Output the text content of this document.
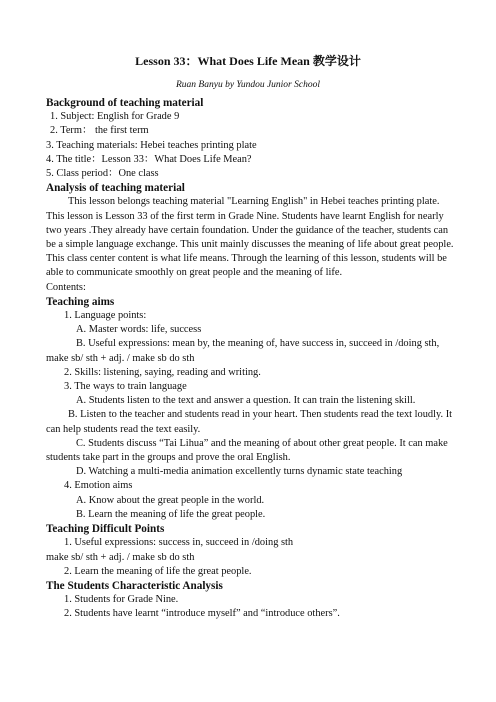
Lesson 33：What Does Life Mean 教学设计
Ruan Banyu by Yundou Junior School

Background of teaching material

1. Subject: English for Grade 9

2. Term： the first term

3. Teaching materials: Hebei teaches printing plate

4. The title：Lesson 33：What Does Life Mean?

5. Class period：One class

Analysis of teaching material

This lesson belongs teaching material "Learning English" in Hebei teaches printing plate. This lesson is Lesson 33 of the first term in Grade Nine. Students have learnt English for nearly two years .They already have certain foundation. Under the guidance of the teacher, students can be a simple language exchange. This unit mainly discusses the meaning of life about great people. This class center content is what life means. Through the learning of this lesson, students will be able to communicate smoothly on great people and the meaning of life.

Contents:

Teaching aims

1. Language points:

A. Master words: life, success

B. Useful expressions: mean by, the meaning of, have success in, succeed in /doing sth, make sb/ sth + adj. / make sb do sth

2. Skills: listening, saying, reading and writing.

3. The ways to train language

A. Students listen to the text and answer a question. It can train the listening skill.

B. Listen to the teacher and students read in your heart. Then students read the text loudly. It can help students read the text easily.

C. Students discuss “Tai Lihua” and the meaning of about other great people. It can make students take part in the groups and prove the oral English.

D. Watching a multi-media animation excellently turns dynamic state teaching

4. Emotion aims

A. Know about the great people in the world.

B. Learn the meaning of life the great people.

Teaching Difficult Points

1. Useful expressions: success in, succeed in /doing sth

make sb/ sth + adj. / make sb do sth

2. Learn the meaning of life the great people.

The Students Characteristic Analysis

1. Students for Grade Nine.

2. Students have learnt “introduce myself” and “introduce others”.
